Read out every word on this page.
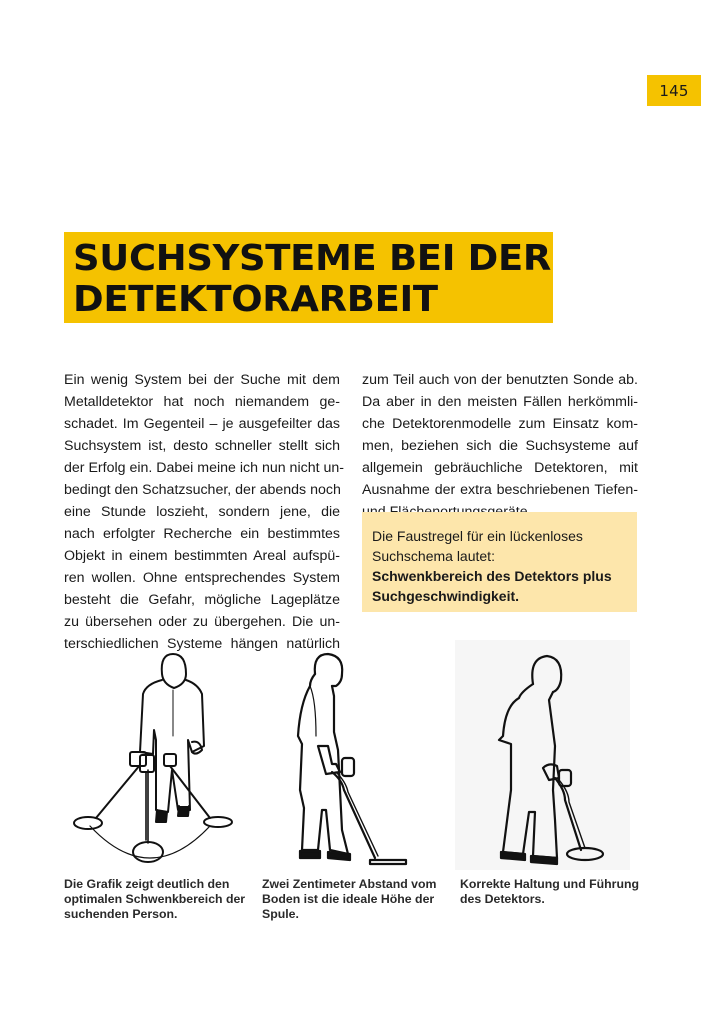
145
SUCHSYSTEME BEI DER
DETEKTORARBEIT
Ein wenig System bei der Suche mit dem
Metalldetektor hat noch niemandem ge-
schadet. Im Gegenteil – je ausgefeilter das
Suchsystem ist, desto schneller stellt sich
der Erfolg ein. Dabei meine ich nun nicht un-
bedingt den Schatzsucher, der abends noch
eine Stunde loszieht, sondern jene, die
nach erfolgter Recherche ein bestimmtes
Objekt in einem bestimmten Areal aufspü-
ren wollen. Ohne entsprechendes System
besteht die Gefahr, mögliche Lageplätze
zu übersehen oder zu übergehen. Die un-
terschiedlichen Systeme hängen natürlich
zum Teil auch von der benutzten Sonde ab.
Da aber in den meisten Fällen herkömmli-
che Detektorenmodelle zum Einsatz kom-
men, beziehen sich die Suchsysteme auf
allgemein gebräuchliche Detektoren, mit
Ausnahme der extra beschriebenen Tiefen-
Die Faustregel für ein lückenloses
Suchschema lautet:
Schwenkbereich des Detektors plus
Suchgeschwindigkeit.
Die Grafik zeigt deutlich den
optimalen Schwenkbereich der
suchenden Person.
Zwei Zentimeter Abstand vom
Boden ist die ideale Höhe der
Spule.
Korrekte Haltung und Führung
des Detektors.
